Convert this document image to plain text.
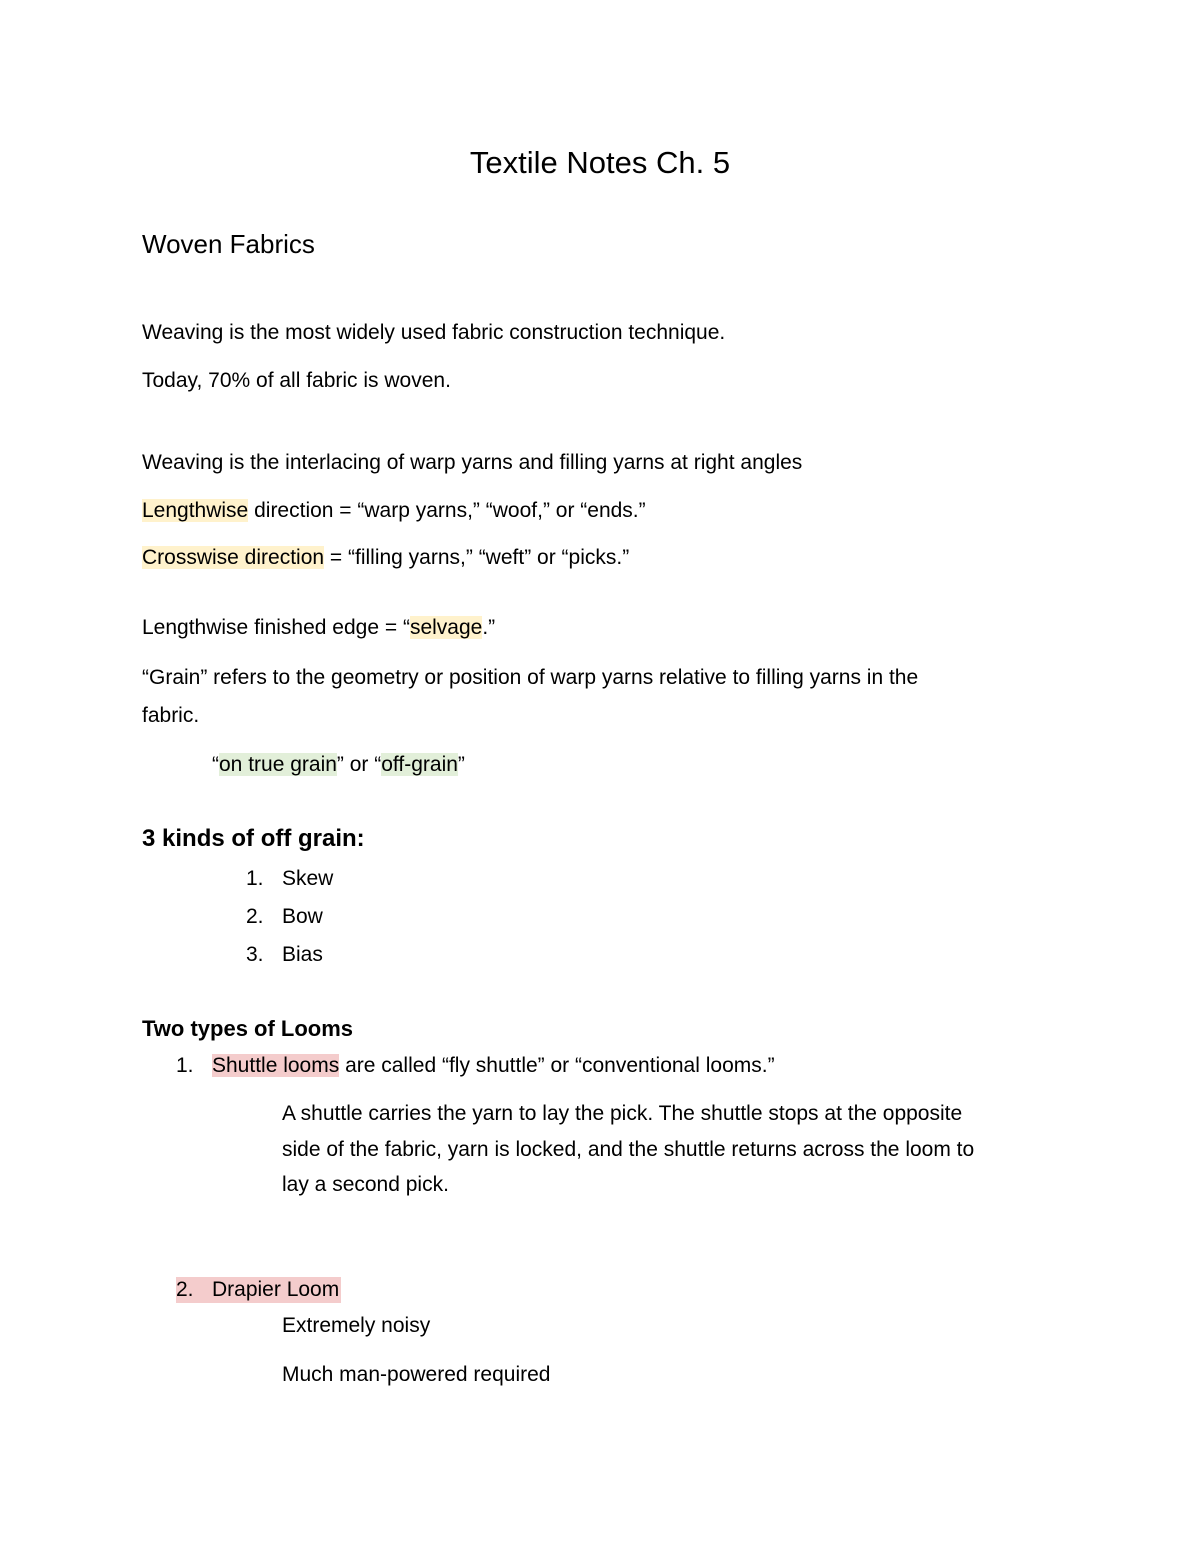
Textile Notes Ch. 5
Woven Fabrics
Weaving is the most widely used fabric construction technique.
Today, 70% of all fabric is woven.
Weaving is the interlacing of warp yarns and filling yarns at right angles
Lengthwise direction = “warp yarns,” “woof,” or “ends.”
Crosswise direction = “filling yarns,” “weft” or “picks.”
Lengthwise finished edge = “selvage.”
“Grain” refers to the geometry or position of warp yarns relative to filling yarns in the
fabric.
“on true grain” or “off-grain”
3 kinds of off grain:
1. Skew
2. Bow
3. Bias
Two types of Looms
1. Shuttle looms are called “fly shuttle” or “conventional looms.”
A shuttle carries the yarn to lay the pick. The shuttle stops at the opposite
side of the fabric, yarn is locked, and the shuttle returns across the loom to
lay a second pick.
2. Drapier Loom
Extremely noisy
Much man-powered required
